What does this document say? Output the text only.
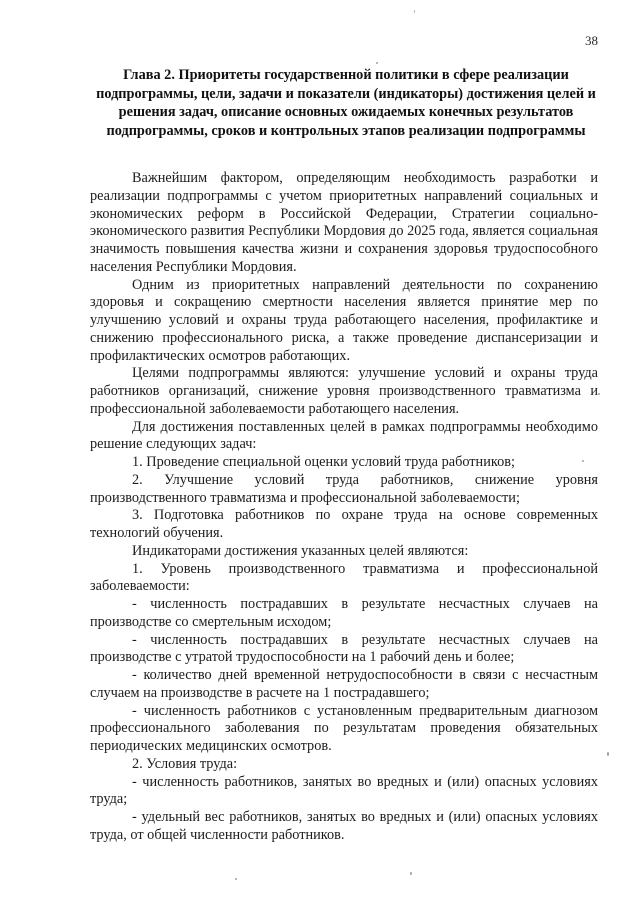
38
Глава 2. Приоритеты государственной политики в сфере реализации подпрограммы, цели, задачи и показатели (индикаторы) достижения целей и решения задач, описание основных ожидаемых конечных результатов подпрограммы, сроков и контрольных этапов реализации подпрограммы

Важнейшим фактором, определяющим необходимость разработки и реализации подпрограммы с учетом приоритетных направлений социальных и экономических реформ в Российской Федерации, Стратегии социально-экономического развития Республики Мордовия до 2025 года, является социальная значимость повышения качества жизни и сохранения здоровья трудоспособного населения Республики Мордовия.

Одним из приоритетных направлений деятельности по сохранению здоровья и сокращению смертности населения является принятие мер по улучшению условий и охраны труда работающего населения, профилактике и снижению профессионального риска, а также проведение диспансеризации и профилактических осмотров работающих.

Целями подпрограммы являются: улучшение условий и охраны труда работников организаций, снижение уровня производственного травматизма и профессиональной заболеваемости работающего населения.

Для достижения поставленных целей в рамках подпрограммы необходимо решение следующих задач:

1. Проведение специальной оценки условий труда работников;

2. Улучшение условий труда работников, снижение уровня производственного травматизма и профессиональной заболеваемости;

3. Подготовка работников по охране труда на основе современных технологий обучения.

Индикаторами достижения указанных целей являются:

1. Уровень производственного травматизма и профессиональной заболеваемости:

- численность пострадавших в результате несчастных случаев на производстве со смертельным исходом;

- численность пострадавших в результате несчастных случаев на производстве с утратой трудоспособности на 1 рабочий день и более;

- количество дней временной нетрудоспособности в связи с несчастным случаем на производстве в расчете на 1 пострадавшего;

- численность работников с установленным предварительным диагнозом профессионального заболевания по результатам проведения обязательных периодических медицинских осмотров.

2. Условия труда:

- численность работников, занятых во вредных и (или) опасных условиях труда;

- удельный вес работников, занятых во вредных и (или) опасных условиях труда, от общей численности работников.
